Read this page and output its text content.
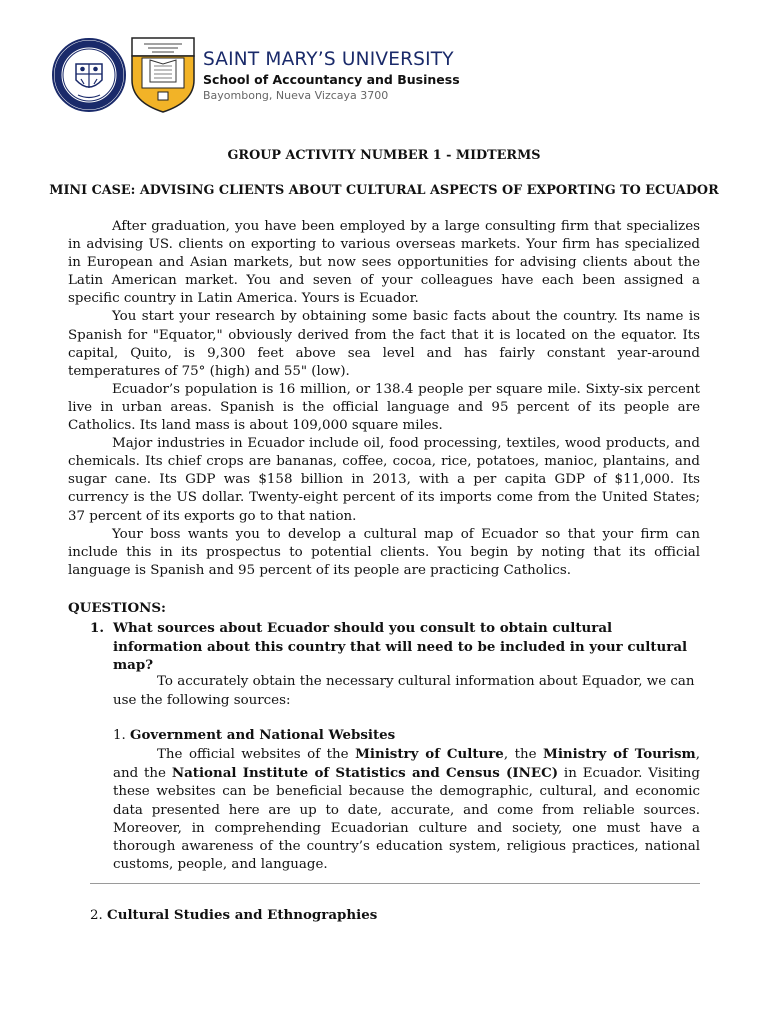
SAINT MARY’S UNIVERSITY
School of Accountancy and Business
Bayombong, Nueva Vizcaya 3700
GROUP ACTIVITY NUMBER 1 - MIDTERMS
MINI CASE: ADVISING CLIENTS ABOUT CULTURAL ASPECTS OF EXPORTING TO ECUADOR

After graduation, you have been employed by a large consulting firm that specializes in advising US. clients on exporting to various overseas markets. Your firm has specialized in European and Asian markets, but now sees opportunities for advising clients about the Latin American market. You and seven of your colleagues have each been assigned a specific country in Latin America. Yours is Ecuador.

You start your research by obtaining some basic facts about the country. Its name is Spanish for "Equator," obviously derived from the fact that it is located on the equator. Its capital, Quito, is 9,300 feet above sea level and has fairly constant year-around temperatures of 75° (high) and 55" (low).

Ecuador’s population is 16 million, or 138.4 people per square mile. Sixty-six percent live in urban areas. Spanish is the official language and 95 percent of its people are Catholics. Its land mass is about 109,000 square miles.

Major industries in Ecuador include oil, food processing, textiles, wood products, and chemicals. Its chief crops are bananas, coffee, cocoa, rice, potatoes, manioc, plantains, and sugar cane. Its GDP was $158 billion in 2013, with a per capita GDP of $11,000. Its currency is the US dollar. Twenty-eight percent of its imports come from the United States; 37 percent of its exports go to that nation.

Your boss wants you to develop a cultural map of Ecuador so that your firm can include this in its prospectus to potential clients. You begin by noting that its official language is Spanish and 95 percent of its people are practicing Catholics.

QUESTIONS:
1. What sources about Ecuador should you consult to obtain cultural information about this country that will need to be included in your cultural map?

To accurately obtain the necessary cultural information about Equador, we can use the following sources:

1. Government and National Websites

The official websites of the Ministry of Culture, the Ministry of Tourism, and the National Institute of Statistics and Census (INEC) in Ecuador. Visiting these websites can be beneficial because the demographic, cultural, and economic data presented here are up to date, accurate, and come from reliable sources. Moreover, in comprehending Ecuadorian culture and society, one must have a thorough awareness of the country’s education system, religious practices, national customs, people, and language.

2. Cultural Studies and Ethnographies
